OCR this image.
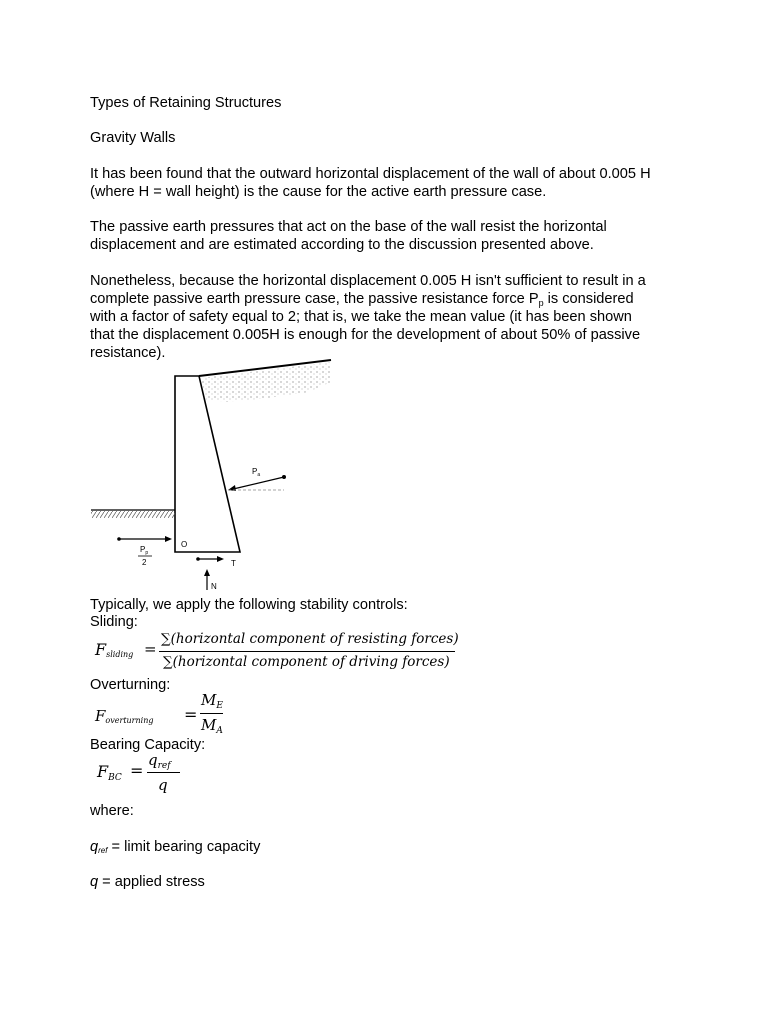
Types of Retaining Structures

Gravity Walls

It has been found that the outward horizontal displacement of the wall of about 0.005 H

(where H = wall height) is the cause for the active earth pressure case.

The passive earth pressures that act on the base of the wall resist the horizontal

displacement and are estimated according to the discussion presented above.

Nonetheless, because the horizontal displacement 0.005 H isn't sufficient to result in a

complete passive earth pressure case, the passive resistance force $P_p$ is considered

with a factor of safety equal to 2; that is, we take the mean value (it has been shown

that the displacement 0.005H is enough for the development of about 50% of passive

resistance).

$P_a$
$P_p$
2
O
T
N

Typically, we apply the following stability controls:

Sliding:

Fsliding =
∑(horizontal component of resisting forces)
∑(horizontal component of driving forces)

Overturning:

Foverturning =
$M_E$
$M_A$

Bearing Capacity:

$F_{BC}$ =
$q_{ref}$
q

where:

qref = limit bearing capacity

q = applied stress
